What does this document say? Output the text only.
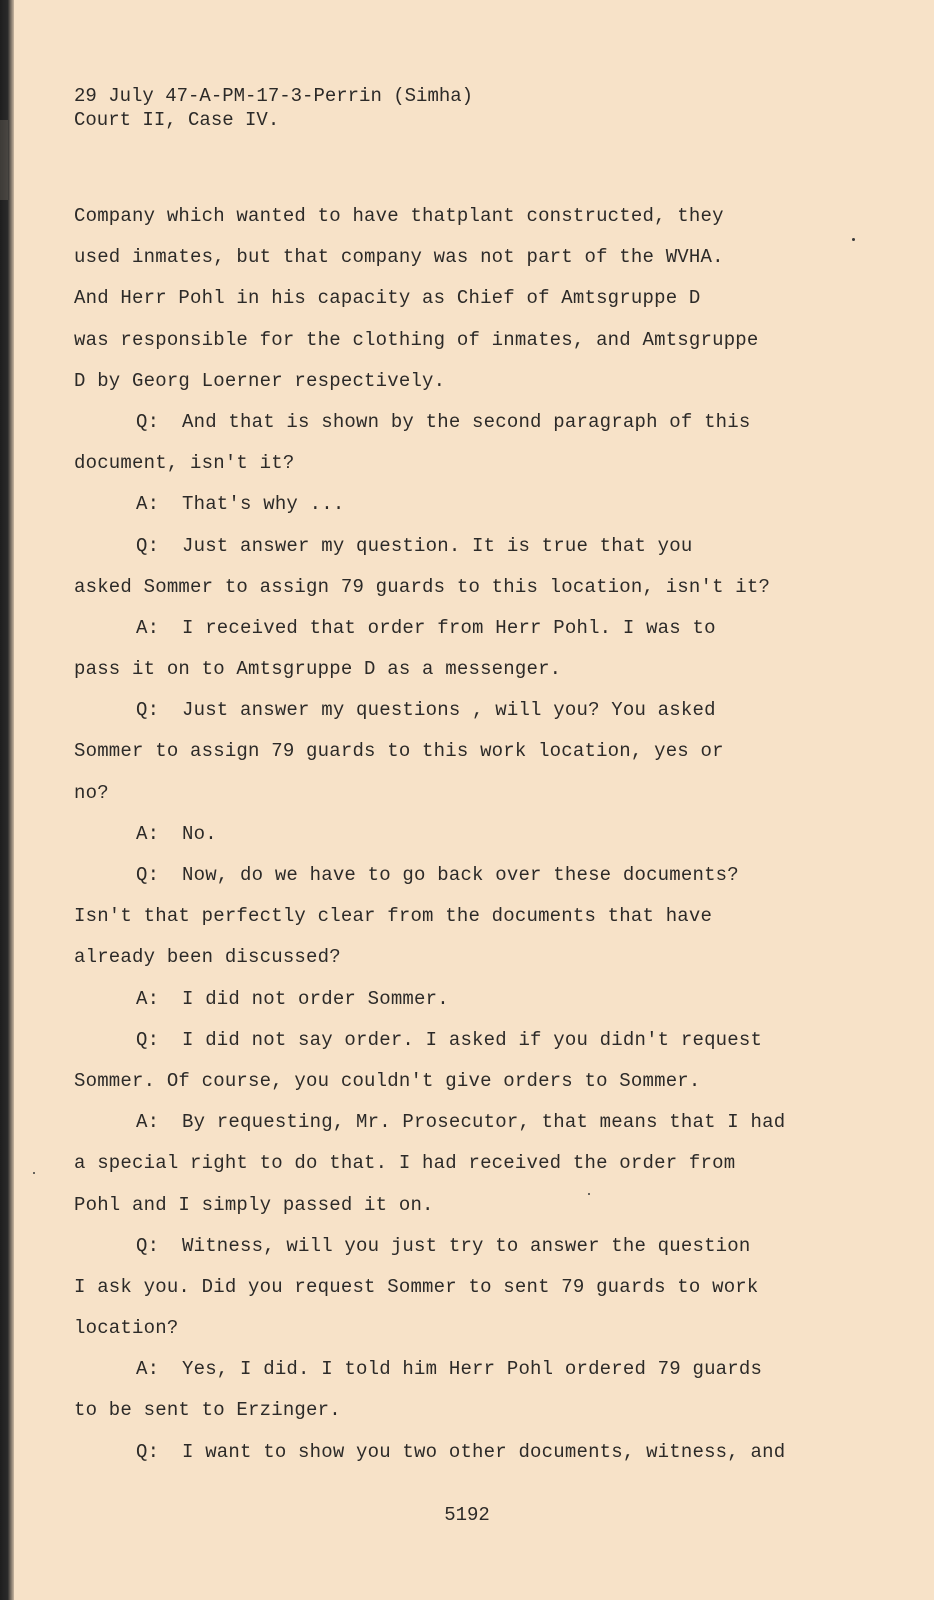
29 July 47-A-PM-17-3-Perrin (Simha)
Court II, Case IV.
Company which wanted to have thatplant constructed, they
used inmates, but that company was not part of the WVHA.
And Herr Pohl in his capacity as Chief of Amtsgruppe D
was responsible for the clothing of inmates, and Amtsgruppe
D by Georg Loerner respectively.
Q: And that is shown by the second paragraph of this
document, isn't it?
A: That's why ...
Q: Just answer my question. It is true that you
asked Sommer to assign 79 guards to this location, isn't it?
A: I received that order from Herr Pohl. I was to
pass it on to Amtsgruppe D as a messenger.
Q: Just answer my questions , will you? You asked
Sommer to assign 79 guards to this work location, yes or
no?
A: No.
Q: Now, do we have to go back over these documents?
Isn't that perfectly clear from the documents that have
already been discussed?
A: I did not order Sommer.
Q: I did not say order. I asked if you didn't request
Sommer. Of course, you couldn't give orders to Sommer.
A: By requesting, Mr. Prosecutor, that means that I had
a special right to do that. I had received the order from
Pohl and I simply passed it on.
Q: Witness, will you just try to answer the question
I ask you. Did you request Sommer to sent 79 guards to work
location?
A: Yes, I did. I told him Herr Pohl ordered 79 guards
to be sent to Erzinger.
Q: I want to show you two other documents, witness, and
5192
